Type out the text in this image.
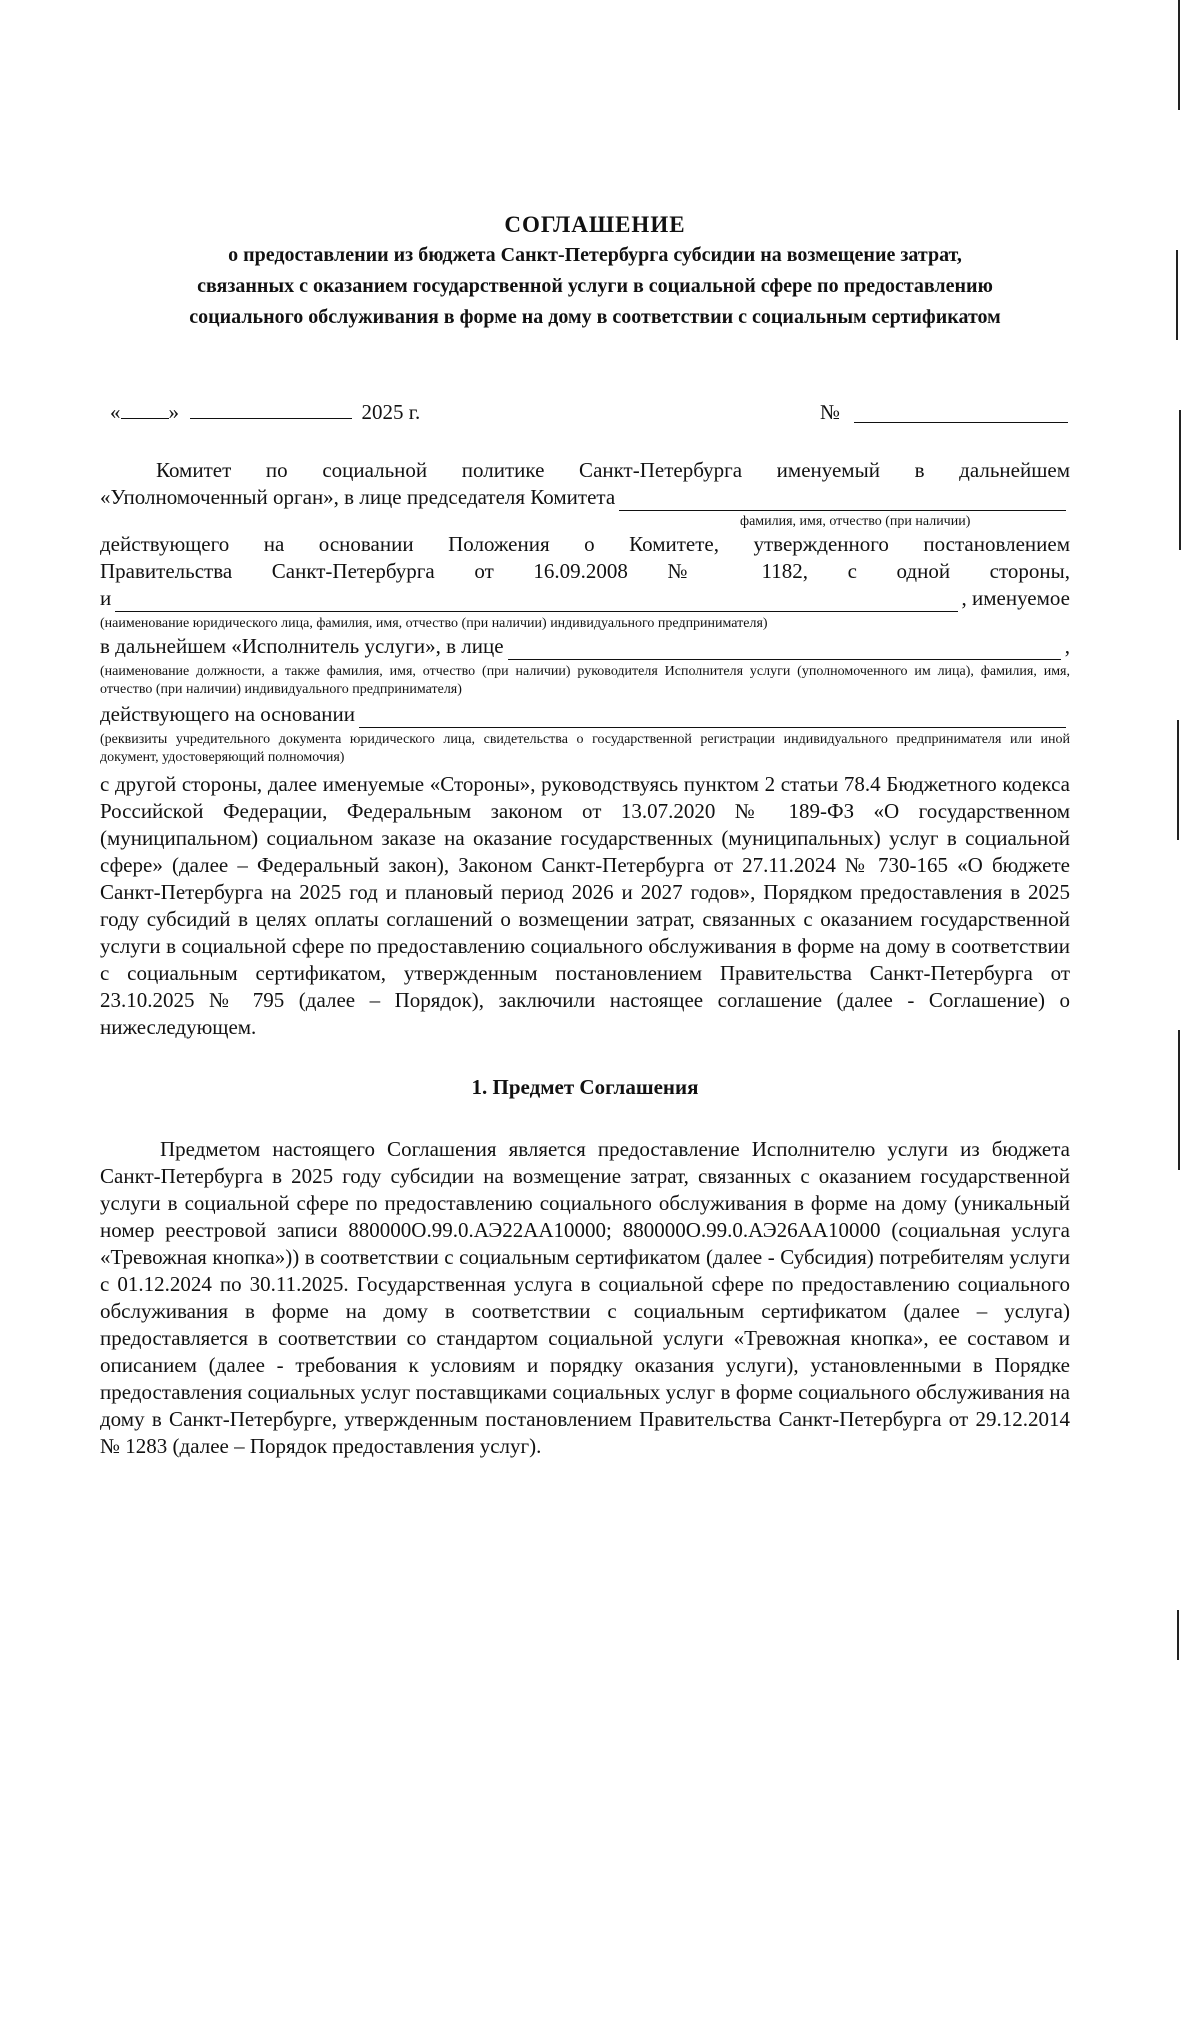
СОГЛАШЕНИЕ

о предоставлении из бюджета Санкт-Петербурга субсидии на возмещение затрат,
связанных с оказанием государственной услуги в социальной сфере по предоставлению
социального обслуживания в форме на дому в соответствии с социальным сертификатом
« »	2025 г.	№
Комитет по социальной политике Санкт-Петербурга именуемый в дальнейшем
«Уполномоченный орган», в лице председателя Комитета

фамилия, имя, отчество (при наличии)

действующего на основании Положения о Комитете, утвержденного постановлением
Правительства Санкт-Петербурга от 16.09.2008 № 1182, с одной стороны,
и	, именуемое

(наименование юридического лица, фамилия, имя, отчество (при наличии) индивидуального предпринимателя)

в дальнейшем «Исполнитель услуги», в лице	,

(наименование должности, а также фамилия, имя, отчество (при наличии) руководителя Исполнителя услуги (уполномоченного им лица), фамилия, имя, отчество (при наличии) индивидуального предпринимателя)

действующего на основании

(реквизиты учредительного документа юридического лица, свидетельства о государственной регистрации индивидуального предпринимателя или иной документ, удостоверяющий полномочия)

с другой стороны, далее именуемые «Стороны», руководствуясь пунктом 2 статьи 78.4 Бюджетного кодекса Российской Федерации, Федеральным законом от 13.07.2020 № 189-ФЗ «О государственном (муниципальном) социальном заказе на оказание государственных (муниципальных) услуг в социальной сфере» (далее – Федеральный закон), Законом Санкт-Петербурга от 27.11.2024 № 730-165 «О бюджете Санкт-Петербурга на 2025 год и плановый период 2026 и 2027 годов», Порядком предоставления в 2025 году субсидий в целях оплаты соглашений о возмещении затрат, связанных с оказанием государственной услуги в социальной сфере по предоставлению социального обслуживания в форме на дому в соответствии с социальным сертификатом, утвержденным постановлением Правительства Санкт-Петербурга от 23.10.2025 № 795 (далее – Порядок), заключили настоящее соглашение (далее - Соглашение) о нижеследующем.

1. Предмет Соглашения

Предметом настоящего Соглашения является предоставление Исполнителю услуги из бюджета Санкт-Петербурга в 2025 году субсидии на возмещение затрат, связанных с оказанием государственной услуги в социальной сфере по предоставлению социального обслуживания в форме на дому (уникальный номер реестровой записи 880000О.99.0.АЭ22АА10000; 880000О.99.0.АЭ26АА10000 (социальная услуга «Тревожная кнопка»)) в соответствии с социальным сертификатом (далее - Субсидия) потребителям услуги с 01.12.2024 по 30.11.2025. Государственная услуга в социальной сфере по предоставлению социального обслуживания в форме на дому в соответствии с социальным сертификатом (далее – услуга) предоставляется в соответствии со стандартом социальной услуги «Тревожная кнопка», ее составом и описанием (далее - требования к условиям и порядку оказания услуги), установленными в Порядке предоставления социальных услуг поставщиками социальных услуг в форме социального обслуживания на дому в Санкт-Петербурге, утвержденным постановлением Правительства Санкт-Петербурга от 29.12.2014 № 1283 (далее – Порядок предоставления услуг).
